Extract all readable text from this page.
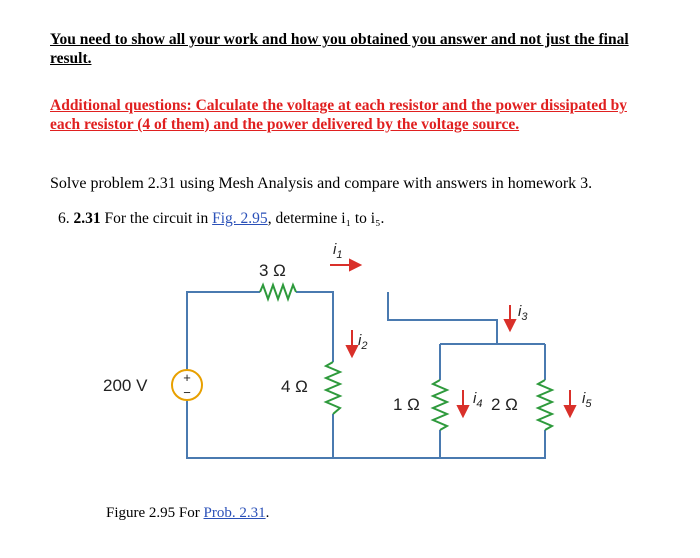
You need to show all your work and how you obtained you answer and not just the final result.
Additional questions: Calculate the voltage at each resistor and the power dissipated by each resistor (4 of them) and the power delivered by the voltage source.
Solve problem 2.31 using Mesh Analysis and compare with answers in homework 3.
6. 2.31 For the circuit in Fig. 2.95, determine i₁ to i₅.
+
−
200 V
3 Ω
4 Ω
1 Ω	2 Ω
$i_1$
$i_2$
$i_3$
$i_4$	$i_5$
Figure 2.95 For Prob. 2.31.
